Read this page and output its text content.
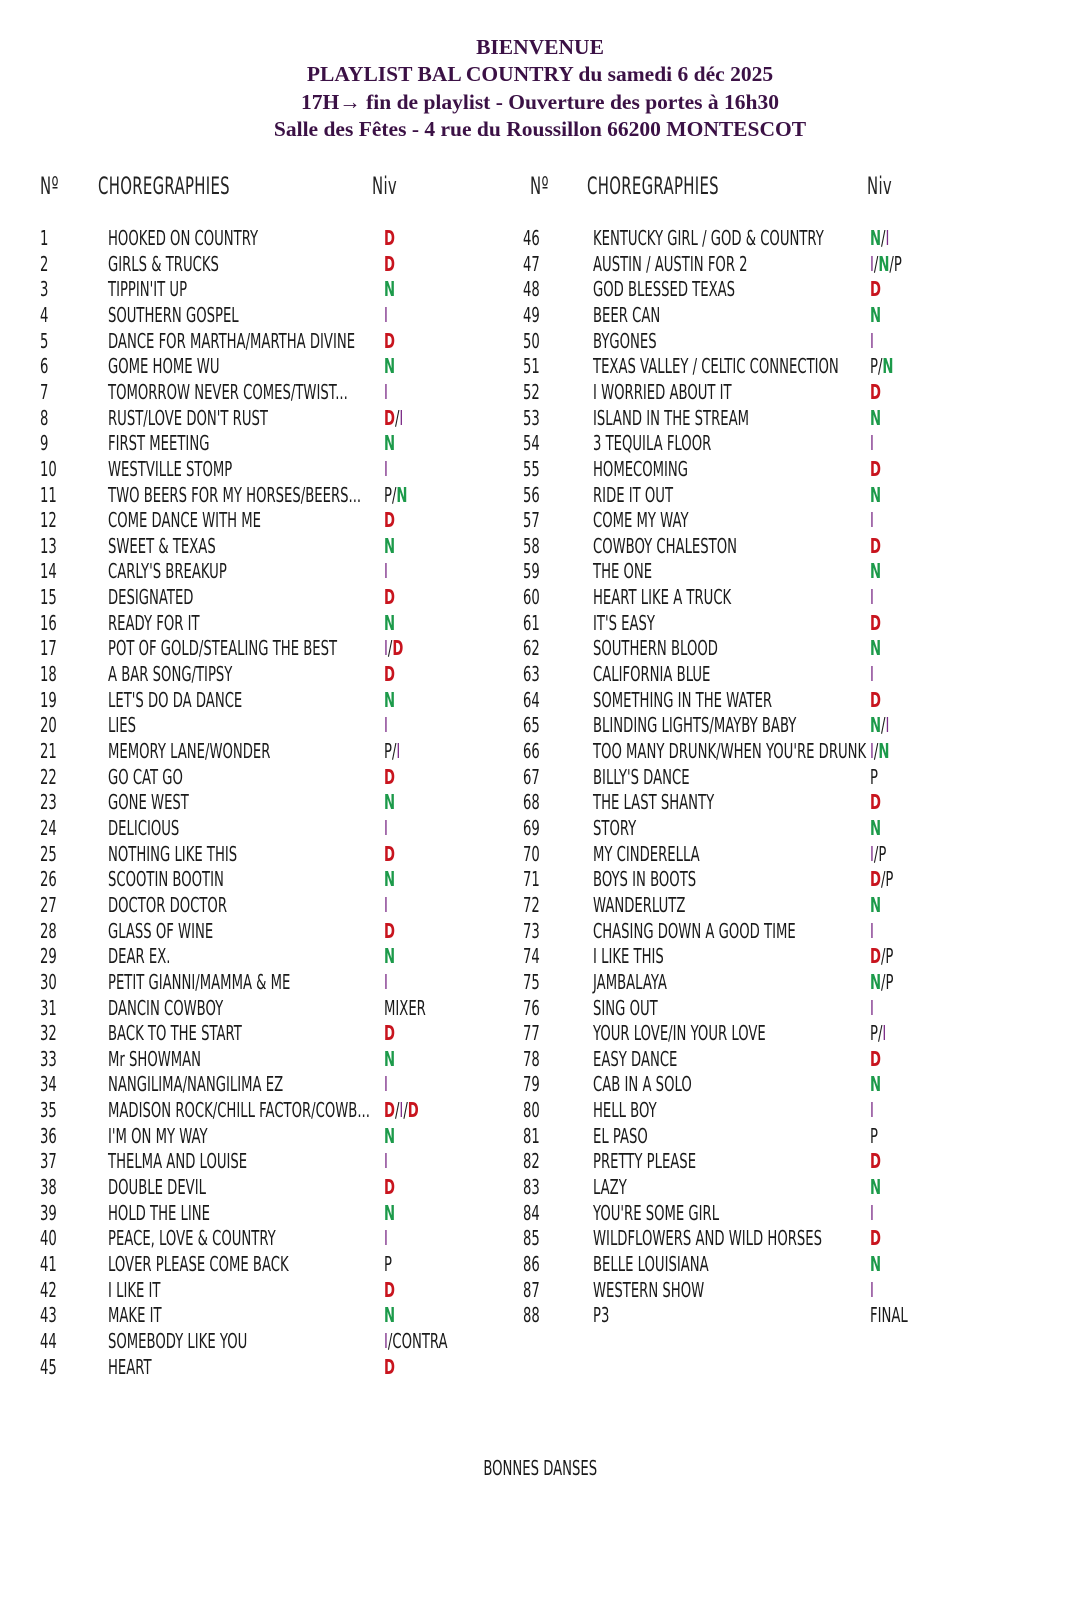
BIENVENUE
PLAYLIST BAL COUNTRY du samedi 6 déc 2025
17H→ fin de playlist - Ouverture des portes à 16h30
Salle des Fêtes - 4 rue du Roussillon 66200 MONTESCOT
Nº CHOREGRAPHIES	Niv
1	HOOKED ON COUNTRY	D
2	GIRLS & TRUCKS	D
3	TIPPIN'IT UP	N
4	SOUTHERN GOSPEL	I
5	DANCE FOR MARTHA/MARTHA DIVINE D
6	GOME HOME WU	N
7	TOMORROW NEVER COMES/TWIST... I
8	RUST/LOVE DON'T RUST	D/I
9	FIRST MEETING	N
10	WESTVILLE STOMP	I
11	TWO BEERS FOR MY HORSES/BEERS... P/N
12	COME DANCE WITH ME	D
13	SWEET & TEXAS	N
14	CARLY'S BREAKUP	I
15	DESIGNATED	D
16	READY FOR IT	N
17	POT OF GOLD/STEALING THE BEST I/D
18	A BAR SONG/TIPSY	D
19	LET'S DO DA DANCE	N
20	LIES	I
21	MEMORY LANE/WONDER	P/I
22	GO CAT GO	D
23	GONE WEST	N
24	DELICIOUS	I
25	NOTHING LIKE THIS	D
26	SCOOTIN BOOTIN	N
27	DOCTOR DOCTOR	I
28	GLASS OF WINE	D
29	DEAR EX.	N
30	PETIT GIANNI/MAMMA & ME	I
31	DANCIN COWBOY	MIXER
32	BACK TO THE START	D
33	Mr SHOWMAN	N
34	NANGILIMA/NANGILIMA EZ	I
35	MADISON ROCK/CHILL FACTOR/COWB... D/I/D
36	I'M ON MY WAY	N
37	THELMA AND LOUISE	I
38	DOUBLE DEVIL	D
39	HOLD THE LINE	N
40	PEACE, LOVE & COUNTRY	I
41	LOVER PLEASE COME BACK	P
42	I LIKE IT	D
43	MAKE IT	N
44	SOMEBODY LIKE YOU	I/CONTRA
45	HEART	D
Nº CHOREGRAPHIES	Niv
46	KENTUCKY GIRL / GOD & COUNTRY N/I
47	AUSTIN / AUSTIN FOR 2	I/N/P
48	GOD BLESSED TEXAS	D
49	BEER CAN	N
50	BYGONES	I
51	TEXAS VALLEY / CELTIC CONNECTION P/N
52	I WORRIED ABOUT IT	D
53	ISLAND IN THE STREAM	N
54	3 TEQUILA FLOOR	I
55	HOMECOMING	D
56	RIDE IT OUT	N
57	COME MY WAY	I
58	COWBOY CHALESTON	D
59	THE ONE	N
60	HEART LIKE A TRUCK	I
61	IT'S EASY	D
62	SOUTHERN BLOOD	N
63	CALIFORNIA BLUE	I
64	SOMETHING IN THE WATER	D
65	BLINDING LIGHTS/MAYBY BABY	N/I
66	TOO MANY DRUNK/WHEN YOU'RE DRUNK I/N
67	BILLY'S DANCE	P
68	THE LAST SHANTY	D
69	STORY	N
70	MY CINDERELLA	I/P
71	BOYS IN BOOTS	D/P
72	WANDERLUTZ	N
73	CHASING DOWN A GOOD TIME	I
74	I LIKE THIS	D/P
75	JAMBALAYA	N/P
76	SING OUT	I
77	YOUR LOVE/IN YOUR LOVE	P/I
78	EASY DANCE	D
79	CAB IN A SOLO	N
80	HELL BOY	I
81	EL PASO	P
82	PRETTY PLEASE	D
83	LAZY	N
84	YOU'RE SOME GIRL	I
85	WILDFLOWERS AND WILD HORSES D
86	BELLE LOUISIANA	N
87	WESTERN SHOW	I
88	P3	FINAL
BONNES DANSES
